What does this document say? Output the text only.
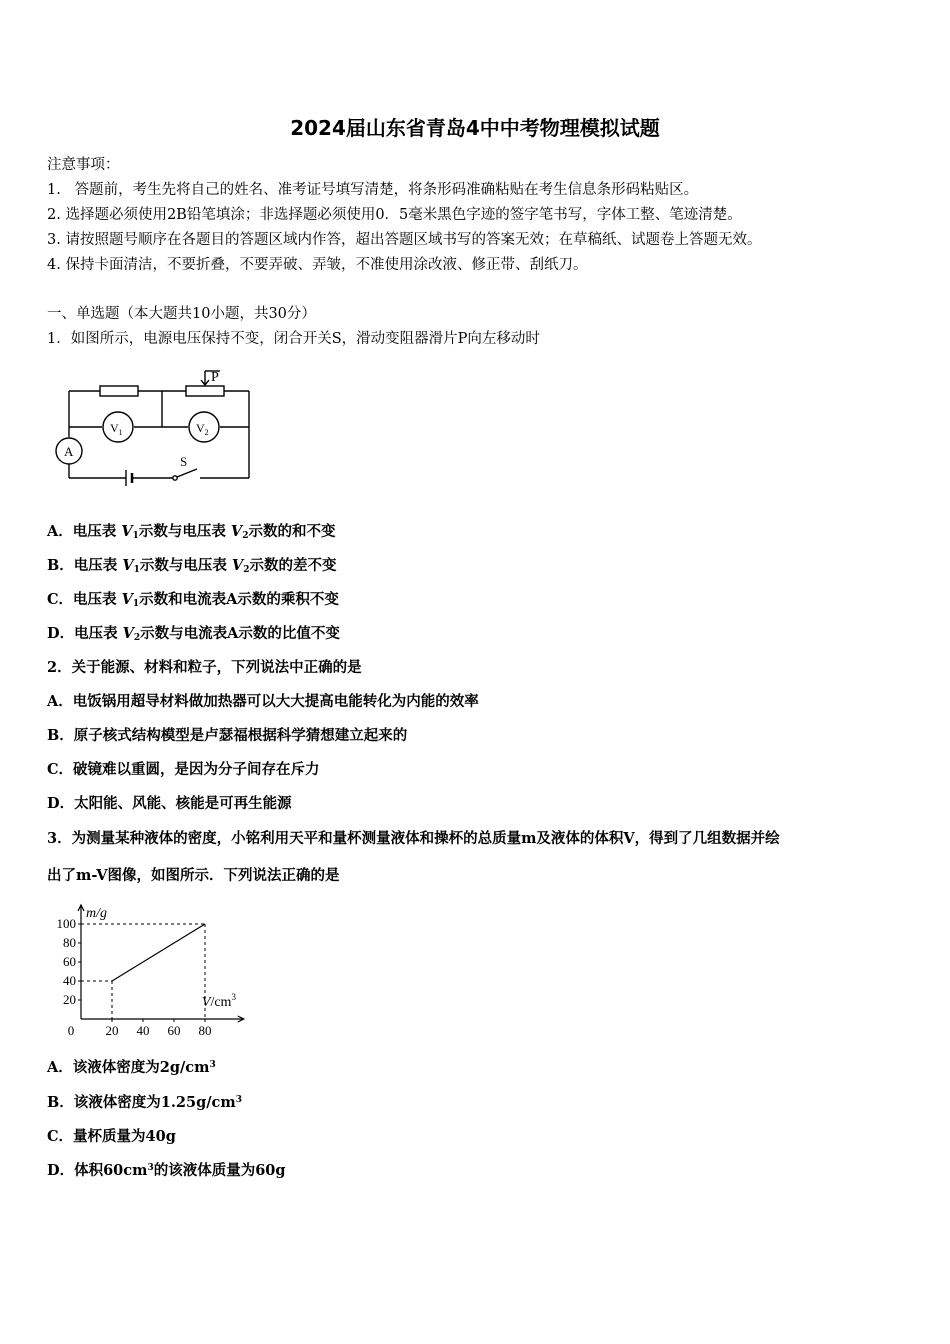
2024届山东省青岛4中中考物理模拟试题
注意事项：
1.   答题前，考生先将自己的姓名、准考证号填写清楚，将条形码准确粘贴在考生信息条形码粘贴区。
2. 选择题必须使用2B铅笔填涂；非选择题必须使用0．5毫米黑色字迹的签字笔书写，字体工整、笔迹清楚。
3. 请按照题号顺序在各题目的答题区域内作答，超出答题区域书写的答案无效；在草稿纸、试题卷上答题无效。
4. 保持卡面清洁，不要折叠，不要弄破、弄皱，不准使用涂改液、修正带、刮纸刀。
一、单选题（本大题共10小题，共30分）
1．如图所示，电源电压保持不变，闭合开关S，滑动变阻器滑片P向左移动时
P
$V_1$	$V_2$
A
S
A．电压表 $V_1$示数与电压表 $V_2$示数的和不变
B．电压表 $V_1$示数与电压表 $V_2$示数的差不变
C．电压表 $V_1$示数和电流表A示数的乘积不变
D．电压表 $V_2$示数与电流表A示数的比值不变
2．关于能源、材料和粒子，下列说法中正确的是
A．电饭锅用超导材料做加热器可以大大提高电能转化为内能的效率
B．原子核式结构模型是卢瑟福根据科学猜想建立起来的
C．破镜难以重圆，是因为分子间存在斥力
D．太阳能、风能、核能是可再生能源
3．为测量某种液体的密度，小铭利用天平和量杯测量液体和操杯的总质量m及液体的体积V，得到了几组数据并绘
出了m-V图像，如图所示．下列说法正确的是
20
40
60
80
100
20 40 60 80
0
m/g
$V/cm^3$
A．该液体密度为$2g/cm^3$
B．该液体密度为$1.25g/cm^3$
C．量杯质量为40g
D．体积$60cm^3$的该液体质量为60g
